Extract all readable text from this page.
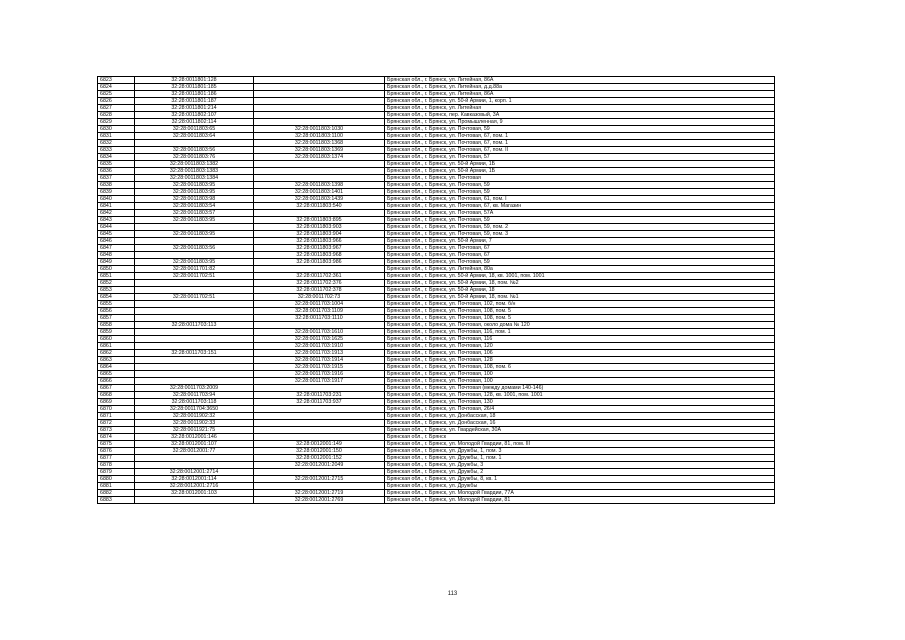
6823	32:28:0011801:128		Брянская обл., г. Брянск, ул. Литейная, 86А
6824	32:28:0011801:185		Брянская обл., г. Брянск, ул. Литейная, д.д.88а
6825	32:28:0011801:186		Брянская обл., г. Брянск, ул. Литейная, 86А
6826	32:28:0011801:187		Брянская обл., г. Брянск, ул. 50-й Армии, 1, корп. 1
6827	32:28:0011801:214		Брянская обл., г. Брянск, ул. Литейная
6828	32:28:0011802:107		Брянская обл., г. Брянск, пер. Кавказовый, 3А
6829	32:28:0011802:114		Брянская обл., г. Брянск, ул. Промышленная, 9
6830	32:28:0011803:65	32:28:0011803:1030	Брянская обл., г. Брянск, ул. Почтовая, 59
6831	32:28:0011803:64	32:28:0011803:1100	Брянская обл., г. Брянск, ул. Почтовая, 67, пом. 1
6832		32:28:0011803:1368	Брянская обл., г. Брянск, ул. Почтовая, 67, пом. 1
6833	32:28:0011803:56	32:28:0011803:1369	Брянская обл., г. Брянск, ул. Почтовая, 67, пом. II
6834	32:28:0011803:76	32:28:0011803:1374	Брянская обл., г. Брянск, ул. Почтовая, 57
6835	32:28:0011803:1382		Брянская обл., г. Брянск, ул. 50-й Армии, 1Б
6836	32:28:0011803:1383		Брянская обл., г. Брянск, ул. 50-й Армии, 1Б
6837	32:28:0011803:1384		Брянская обл., г. Брянск, ул. Почтовая
6838	32:28:0011803:95	32:28:0011803:1398	Брянская обл., г. Брянск, ул. Почтовая, 59
6839	32:28:0011803:95	32:28:0011803:1401	Брянская обл., г. Брянск, ул. Почтовая, 59
6840	32:28:0011803:98	32:28:0011803:1439	Брянская обл., г. Брянск, ул. Почтовая, 61, пом. I
6841	32:28:0011803:54	32:28:0011803:540	Брянская обл., г. Брянск, ул. Почтовая, 67, кв. Магазин
6842	32:28:0011803:57		Брянская обл., г. Брянск, ул. Почтовая, 57А
6843	32:28:0011803:95	32:28:0011803:895	Брянская обл., г. Брянск, ул. Почтовая, 59
6844		32:28:0011803:903	Брянская обл., г. Брянск, ул. Почтовая, 59, пом. 2
6845	32:28:0011803:95	32:28:0011803:904	Брянская обл., г. Брянск, ул. Почтовая, 59, пом. 3
6846		32:28:0011803:966	Брянская обл., г. Брянск, ул. 50-й Армии, 7
6847	32:28:0011803:56	32:28:0011803:967	Брянская обл., г. Брянск, ул. Почтовая, 67
6848		32:28:0011803:968	Брянская обл., г. Брянск, ул. Почтовая, 67
6849	32:28:0011803:95	32:28:0011803:986	Брянская обл., г. Брянск, ул. Почтовая, 59
6850	32:28:0011701:82		Брянская обл., г. Брянск, ул. Литейная, 80а
6851	32:28:0011702:51	32:28:0011702:361	Брянская обл., г. Брянск, ул. 50-й Армии, 18, кв. 1001, пом. 1001
6852		32:28:0011702:376	Брянская обл., г. Брянск, ул. 50-й Армии, 18, пом. №2
6853		32:28:0011702:378	Брянская обл., г. Брянск, ул. 50-й Армии, 18
6854	32:28:0011702:51	32:28:0011702:73	Брянская обл., г. Брянск, ул. 50-й Армии, 18, пом. №1
6855		32:28:0011703:1004	Брянская обл., г. Брянск, ул. Почтовая, 102, пом. б/н
6856		32:28:0011703:1109	Брянская обл., г. Брянск, ул. Почтовая, 108, пом. 5
6857		32:28:0011703:1110	Брянская обл., г. Брянск, ул. Почтовая, 108, пом. 5
6858	32:28:0011703:113		Брянская обл., г. Брянск, ул. Почтовая, около дома № 120
6859		32:28:0011703:1610	Брянская обл., г. Брянск, ул. Почтовая, 116, пом. 1
6860		32:28:0011703:1625	Брянская обл., г. Брянск, ул. Почтовая, 116
6861		32:28:0011703:1910	Брянская обл., г. Брянск, ул. Почтовая, 120
6862	32:28:0011703:151	32:28:0011703:1913	Брянская обл., г. Брянск, ул. Почтовая, 106
6863		32:28:0011703:1914	Брянская обл., г. Брянск, ул. Почтовая, 128
6864		32:28:0011703:1915	Брянская обл., г. Брянск, ул. Почтовая, 108, пом. 6
6865		32:28:0011703:1916	Брянская обл., г. Брянск, ул. Почтовая, 100
6866		32:28:0011703:1917	Брянская обл., г. Брянск, ул. Почтовая, 100
6867	32:28:0011703:2009		Брянская обл., г. Брянск, ул. Почтовая (между домами 140-146)
6868	32:28:0011703:94	32:28:0011703:231	Брянская обл., г. Брянск, ул. Почтовая, 128, кв. 1001, пом. 1001
6869	32:28:0011703:118	32:28:0011703:937	Брянская обл., г. Брянск, ул. Почтовая, 130
6870	32:28:0011704:3650		Брянская обл., г. Брянск, ул. Почтовая, 26/4
6871	32:28:0011902:32		Брянская обл., г. Брянск, ул. Донбасская, 18
6872	32:28:0011902:33		Брянская обл., г. Брянск, ул. Донбасская, 16
6873	32:28:0011921:75		Брянская обл., г. Брянск, ул. Гвардейская, 30А
6874	32:28:0012001:146		Брянская обл., г. Брянск
6875	32:28:0012001:107	32:28:0012001:149	Брянская обл., г. Брянск, ул. Молодой Гвардии, 81, пом. III
6876	32:28:0012001:77	32:28:0012001:150	Брянская обл., г. Брянск, ул. Дружбы, 1, пом. 3
6877		32:28:0012001:152	Брянская обл., г. Брянск, ул. Дружбы, 1, пом. 1
6878		32:28:0012001:2049	Брянская обл., г. Брянск, ул. Дружбы, 3
6879	32:28:0012001:2714		Брянская обл., г. Брянск, ул. Дружбы, 2
6880	32:28:0012001:114	32:28:0012001:2715	Брянская обл., г. Брянск, ул. Дружбы, 8, кв. 1
6881	32:28:0012001:2716		Брянская обл., г. Брянск, ул. Дружбы
6882	32:28:0012001:103	32:28:0012001:2719	Брянская обл., г. Брянск, ул. Молодой Гвардии, 77А
6883		32:28:0012001:2769	Брянская обл., г. Брянск, ул. Молодой Гвардии, 81
113
